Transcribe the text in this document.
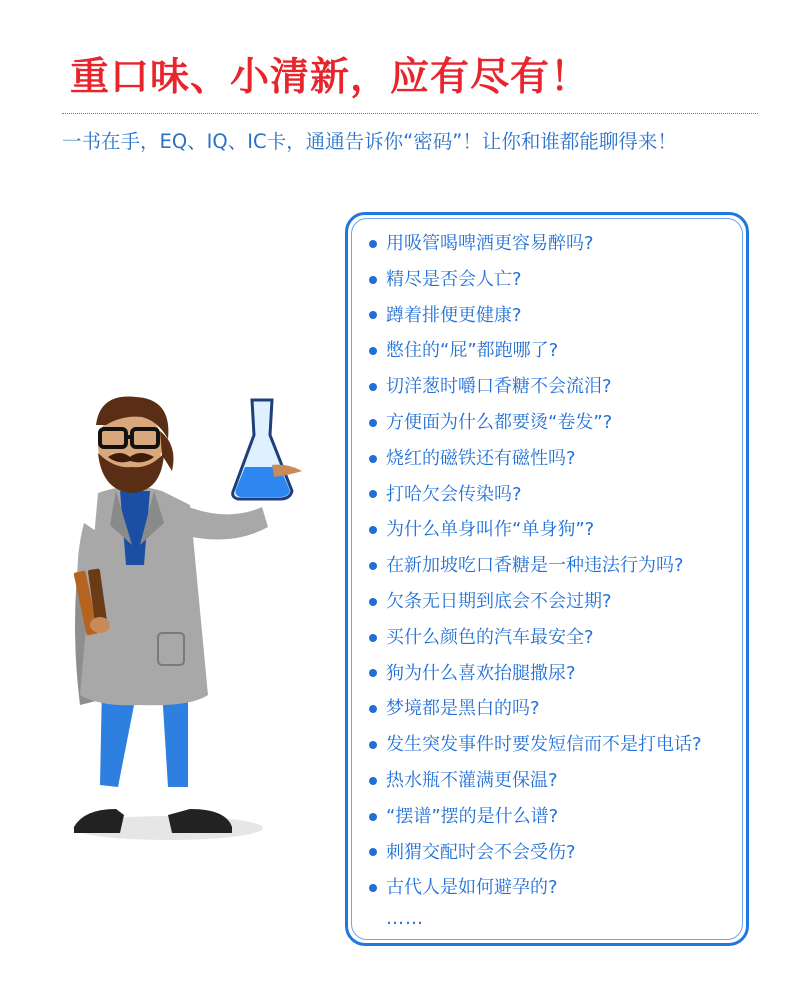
重口味、小清新，应有尽有！
一书在手，EQ、IQ、IC卡，通通告诉你“密码”！让你和谁都能聊得来！
用吸管喝啤酒更容易醉吗?
精尽是否会人亡?
蹲着排便更健康?
憋住的“屁”都跑哪了?
切洋葱时嚼口香糖不会流泪?
方便面为什么都要烫“卷发”?
烧红的磁铁还有磁性吗?
打哈欠会传染吗?
为什么单身叫作“单身狗”?
在新加坡吃口香糖是一种违法行为吗?
欠条无日期到底会不会过期?
买什么颜色的汽车最安全?
狗为什么喜欢抬腿撒尿?
梦境都是黑白的吗?
发生突发事件时要发短信而不是打电话?
热水瓶不灌满更保温?
“摆谱”摆的是什么谱?
刺猬交配时会不会受伤?
古代人是如何避孕的?
……
